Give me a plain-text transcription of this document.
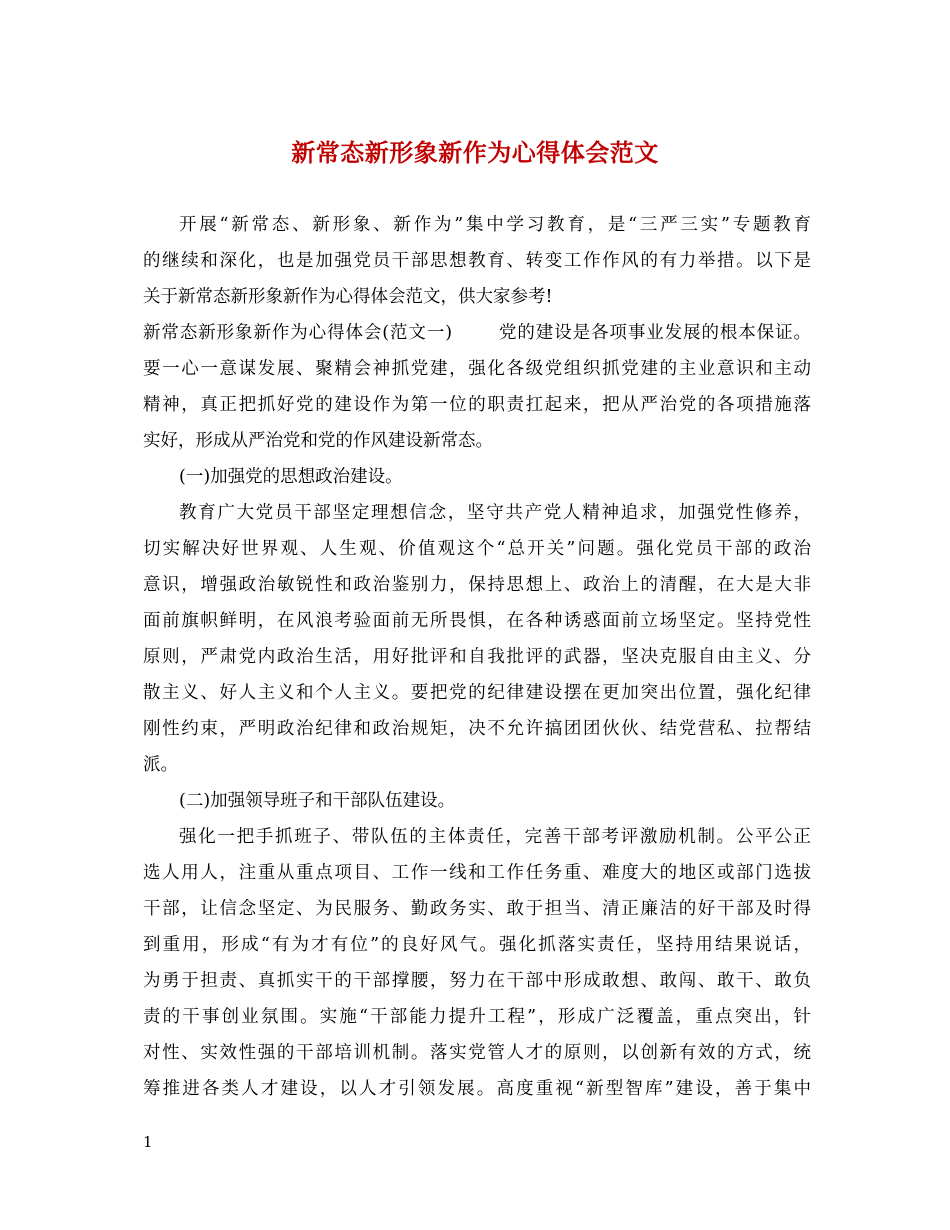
新常态新形象新作为心得体会范文
开展“新常态、新形象、新作为”集中学习教育，是“三严三实”专题教育
的继续和深化，也是加强党员干部思想教育、转变工作作风的有力举措。以下是
关于新常态新形象新作为心得体会范文，供大家参考!
新常态新形象新作为心得体会(范文一)	党的建设是各项事业发展的根本保证。
要一心一意谋发展、聚精会神抓党建，强化各级党组织抓党建的主业意识和主动
精神，真正把抓好党的建设作为第一位的职责扛起来，把从严治党的各项措施落
实好，形成从严治党和党的作风建设新常态。
(一)加强党的思想政治建设。
教育广大党员干部坚定理想信念，坚守共产党人精神追求，加强党性修养，
切实解决好世界观、人生观、价值观这个“总开关”问题。强化党员干部的政治
意识，增强政治敏锐性和政治鉴别力，保持思想上、政治上的清醒，在大是大非
面前旗帜鲜明，在风浪考验面前无所畏惧，在各种诱惑面前立场坚定。坚持党性
原则，严肃党内政治生活，用好批评和自我批评的武器，坚决克服自由主义、分
散主义、好人主义和个人主义。要把党的纪律建设摆在更加突出位置，强化纪律
刚性约束，严明政治纪律和政治规矩，决不允许搞团团伙伙、结党营私、拉帮结
派。
(二)加强领导班子和干部队伍建设。
强化一把手抓班子、带队伍的主体责任，完善干部考评激励机制。公平公正
选人用人，注重从重点项目、工作一线和工作任务重、难度大的地区或部门选拔
干部，让信念坚定、为民服务、勤政务实、敢于担当、清正廉洁的好干部及时得
到重用，形成“有为才有位”的良好风气。强化抓落实责任，坚持用结果说话，
为勇于担责、真抓实干的干部撑腰，努力在干部中形成敢想、敢闯、敢干、敢负
责的干事创业氛围。实施“干部能力提升工程”，形成广泛覆盖，重点突出，针
对性、实效性强的干部培训机制。落实党管人才的原则，以创新有效的方式，统
筹推进各类人才建设，以人才引领发展。高度重视“新型智库”建设，善于集中
1
